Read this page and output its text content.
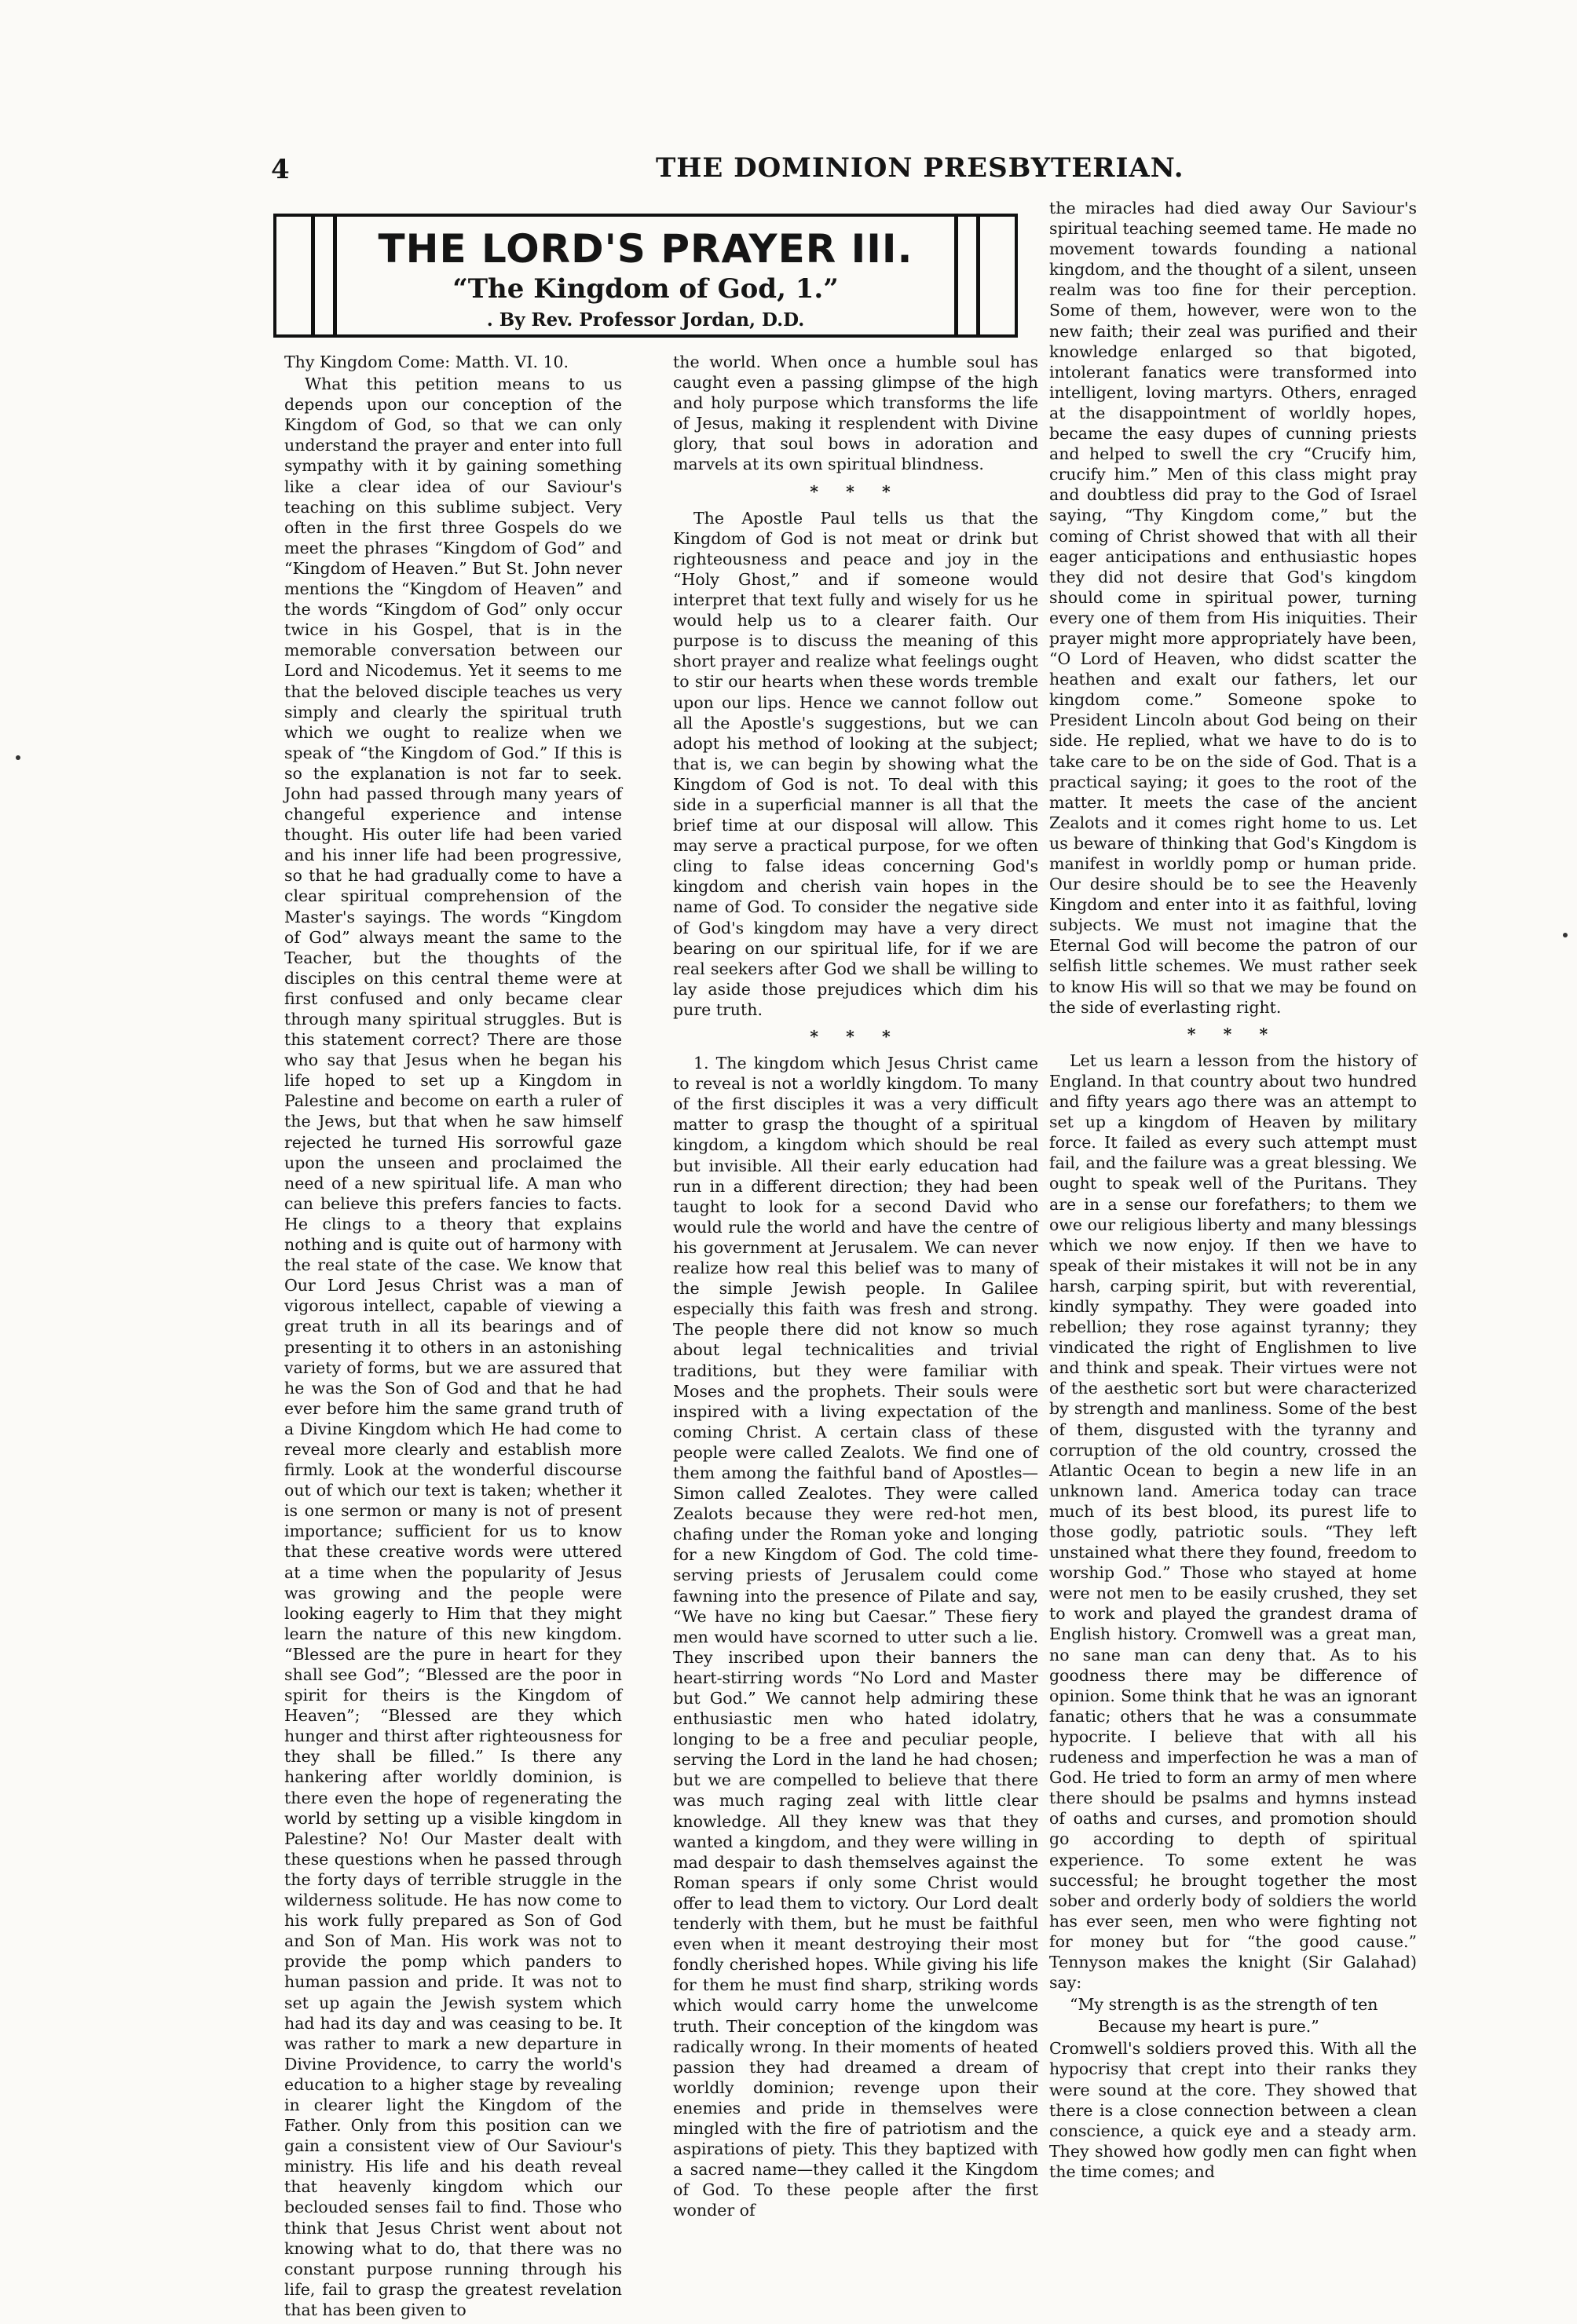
4	THE DOMINION PRESBYTERIAN.
THE LORD'S PRAYER III.
“The Kingdom of God, 1.”
. By Rev. Professor Jordan, D.D.

Thy Kingdom Come: Matth. VI. 10.

What this petition means to us depends upon our conception of the Kingdom of God, so that we can only understand the prayer and enter into full sympathy with it by gaining something like a clear idea of our Saviour's teaching on this sublime subject. Very often in the first three Gospels do we meet the phrases “Kingdom of God” and “Kingdom of Heaven.” But St. John never mentions the “Kingdom of Heaven” and the words “Kingdom of God” only occur twice in his Gospel, that is in the memorable conversation between our Lord and Nicodemus. Yet it seems to me that the beloved disciple teaches us very simply and clearly the spiritual truth which we ought to realize when we speak of “the Kingdom of God.” If this is so the explanation is not far to seek. John had passed through many years of changeful experience and intense thought. His outer life had been varied and his inner life had been progressive, so that he had gradually come to have a clear spiritual comprehension of the Master's sayings. The words “Kingdom of God” always meant the same to the Teacher, but the thoughts of the disciples on this central theme were at first confused and only became clear through many spiritual struggles. But is this statement correct? There are those who say that Jesus when he began his life hoped to set up a Kingdom in Palestine and become on earth a ruler of the Jews, but that when he saw himself rejected he turned His sorrowful gaze upon the unseen and proclaimed the need of a new spiritual life. A man who can believe this prefers fancies to facts. He clings to a theory that explains nothing and is quite out of harmony with the real state of the case. We know that Our Lord Jesus Christ was a man of vigorous intellect, capable of viewing a great truth in all its bearings and of presenting it to others in an astonishing variety of forms, but we are assured that he was the Son of God and that he had ever before him the same grand truth of a Divine Kingdom which He had come to reveal more clearly and establish more firmly. Look at the wonderful discourse out of which our text is taken; whether it is one sermon or many is not of present importance; sufficient for us to know that these creative words were uttered at a time when the popularity of Jesus was growing and the people were looking eagerly to Him that they might learn the nature of this new kingdom. “Blessed are the pure in heart for they shall see God”; “Blessed are the poor in spirit for theirs is the Kingdom of Heaven”; “Blessed are they which hunger and thirst after righteousness for they shall be filled.” Is there any hankering after worldly dominion, is there even the hope of regenerating the world by setting up a visible kingdom in Palestine? No! Our Master dealt with these questions when he passed through the forty days of terrible struggle in the wilderness solitude. He has now come to his work fully prepared as Son of God and Son of Man. His work was not to provide the pomp which panders to human passion and pride. It was not to set up again the Jewish system which had had its day and was ceasing to be. It was rather to mark a new departure in Divine Providence, to carry the world's education to a higher stage by revealing in clearer light the Kingdom of the Father. Only from this position can we gain a consistent view of Our Saviour's ministry. His life and his death reveal that heavenly kingdom which our beclouded senses fail to find. Those who think that Jesus Christ went about not knowing what to do, that there was no constant purpose running through his life, fail to grasp the greatest revelation that has been given to

the world. When once a humble soul has caught even a passing glimpse of the high and holy purpose which transforms the life of Jesus, making it resplendent with Divine glory, that soul bows in adoration and marvels at its own spiritual blindness.

* * *

The Apostle Paul tells us that the Kingdom of God is not meat or drink but righteousness and peace and joy in the “Holy Ghost,” and if someone would interpret that text fully and wisely for us he would help us to a clearer faith. Our purpose is to discuss the meaning of this short prayer and realize what feelings ought to stir our hearts when these words tremble upon our lips. Hence we cannot follow out all the Apostle's suggestions, but we can adopt his method of looking at the subject; that is, we can begin by showing what the Kingdom of God is not. To deal with this side in a superficial manner is all that the brief time at our disposal will allow. This may serve a practical purpose, for we often cling to false ideas concerning God's kingdom and cherish vain hopes in the name of God. To consider the negative side of God's kingdom may have a very direct bearing on our spiritual life, for if we are real seekers after God we shall be willing to lay aside those prejudices which dim his pure truth.

* * *

1. The kingdom which Jesus Christ came to reveal is not a worldly kingdom. To many of the first disciples it was a very difficult matter to grasp the thought of a spiritual kingdom, a kingdom which should be real but invisible. All their early education had run in a different direction; they had been taught to look for a second David who would rule the world and have the centre of his government at Jerusalem. We can never realize how real this belief was to many of the simple Jewish people. In Galilee especially this faith was fresh and strong. The people there did not know so much about legal technicalities and trivial traditions, but they were familiar with Moses and the prophets. Their souls were inspired with a living expectation of the coming Christ. A certain class of these people were called Zealots. We find one of them among the faithful band of Apostles—Simon called Zealotes. They were called Zealots because they were red-hot men, chafing under the Roman yoke and longing for a new Kingdom of God. The cold time-serving priests of Jerusalem could come fawning into the presence of Pilate and say, “We have no king but Caesar.” These fiery men would have scorned to utter such a lie. They inscribed upon their banners the heart-stirring words “No Lord and Master but God.” We cannot help admiring these enthusiastic men who hated idolatry, longing to be a free and peculiar people, serving the Lord in the land he had chosen; but we are compelled to believe that there was much raging zeal with little clear knowledge. All they knew was that they wanted a kingdom, and they were willing in mad despair to dash themselves against the Roman spears if only some Christ would offer to lead them to victory. Our Lord dealt tenderly with them, but he must be faithful even when it meant destroying their most fondly cherished hopes. While giving his life for them he must find sharp, striking words which would carry home the unwelcome truth. Their conception of the kingdom was radically wrong. In their moments of heated passion they had dreamed a dream of worldly dominion; revenge upon their enemies and pride in themselves were mingled with the fire of patriotism and the aspirations of piety. This they baptized with a sacred name—they called it the Kingdom of God. To these people after the first wonder of

the miracles had died away Our Saviour's spiritual teaching seemed tame. He made no movement towards founding a national kingdom, and the thought of a silent, unseen realm was too fine for their perception. Some of them, however, were won to the new faith; their zeal was purified and their knowledge enlarged so that bigoted, intolerant fanatics were transformed into intelligent, loving martyrs. Others, enraged at the disappointment of worldly hopes, became the easy dupes of cunning priests and helped to swell the cry “Crucify him, crucify him.” Men of this class might pray and doubtless did pray to the God of Israel saying, “Thy Kingdom come,” but the coming of Christ showed that with all their eager anticipations and enthusiastic hopes they did not desire that God's kingdom should come in spiritual power, turning every one of them from His iniquities. Their prayer might more appropriately have been, “O Lord of Heaven, who didst scatter the heathen and exalt our fathers, let our kingdom come.” Someone spoke to President Lincoln about God being on their side. He replied, what we have to do is to take care to be on the side of God. That is a practical saying; it goes to the root of the matter. It meets the case of the ancient Zealots and it comes right home to us. Let us beware of thinking that God's Kingdom is manifest in worldly pomp or human pride. Our desire should be to see the Heavenly Kingdom and enter into it as faithful, loving subjects. We must not imagine that the Eternal God will become the patron of our selfish little schemes. We must rather seek to know His will so that we may be found on the side of everlasting right.

* * *

Let us learn a lesson from the history of England. In that country about two hundred and fifty years ago there was an attempt to set up a kingdom of Heaven by military force. It failed as every such attempt must fail, and the failure was a great blessing. We ought to speak well of the Puritans. They are in a sense our forefathers; to them we owe our religious liberty and many blessings which we now enjoy. If then we have to speak of their mistakes it will not be in any harsh, carping spirit, but with reverential, kindly sympathy. They were goaded into rebellion; they rose against tyranny; they vindicated the right of Englishmen to live and think and speak. Their virtues were not of the aesthetic sort but were characterized by strength and manliness. Some of the best of them, disgusted with the tyranny and corruption of the old country, crossed the Atlantic Ocean to begin a new life in an unknown land. America today can trace much of its best blood, its purest life to those godly, patriotic souls. “They left unstained what there they found, freedom to worship God.” Those who stayed at home were not men to be easily crushed, they set to work and played the grandest drama of English history. Cromwell was a great man, no sane man can deny that. As to his goodness there may be difference of opinion. Some think that he was an ignorant fanatic; others that he was a consummate hypocrite. I believe that with all his rudeness and imperfection he was a man of God. He tried to form an army of men where there should be psalms and hymns instead of oaths and curses, and promotion should go according to depth of spiritual experience. To some extent he was successful; he brought together the most sober and orderly body of soldiers the world has ever seen, men who were fighting not for money but for “the good cause.” Tennyson makes the knight (Sir Galahad) say:

“My strength is as the strength of ten

Because my heart is pure.”

Cromwell's soldiers proved this. With all the hypocrisy that crept into their ranks they were sound at the core. They showed that there is a close connection between a clean conscience, a quick eye and a steady arm. They showed how godly men can fight when the time comes; and
